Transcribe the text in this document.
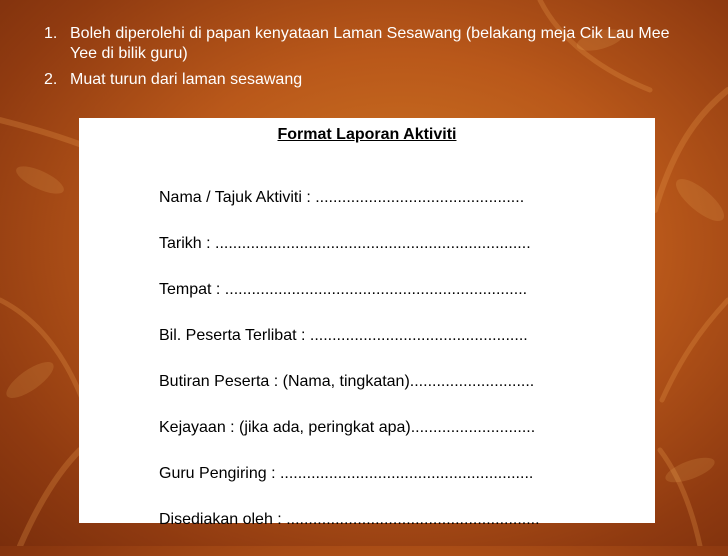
1. Boleh diperolehi di papan kenyataan Laman Sesawang (belakang meja Cik Lau Mee Yee di bilik guru)
2. Muat turun dari laman sesawang
Format Laporan Aktiviti
Nama / Tajuk Aktiviti : ...............................................
Tarikh : .......................................................................
Tempat : ....................................................................
Bil. Peserta Terlibat : .................................................
Butiran Peserta : (Nama, tingkatan)............................
Kejayaan : (jika ada, peringkat apa)............................
Guru Pengiring : .........................................................
Disediakan oleh : .........................................................
